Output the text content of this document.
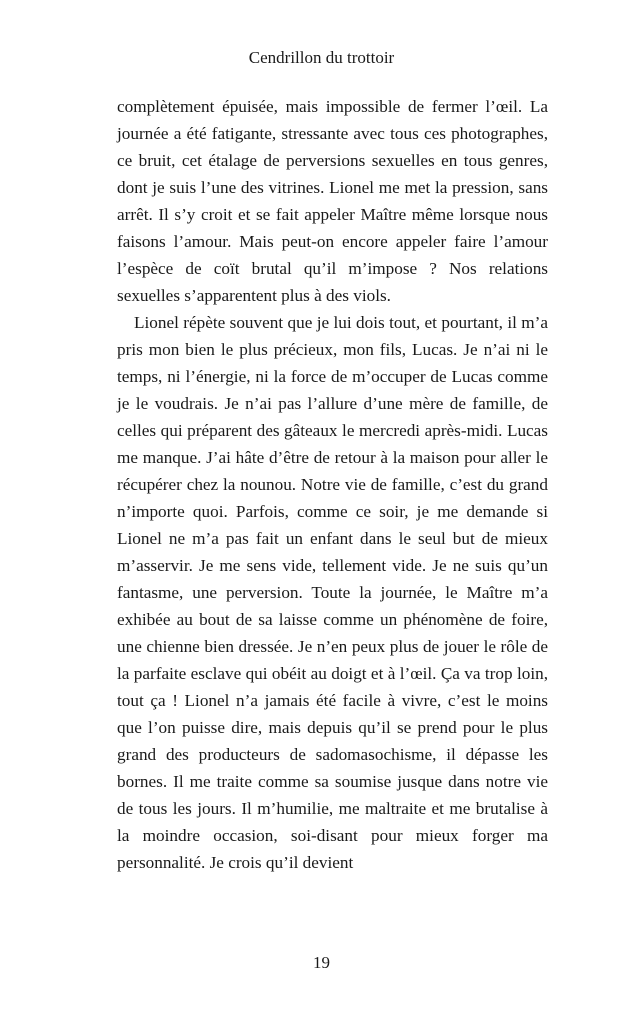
Cendrillon du trottoir

complètement épuisée, mais impossible de fermer l’œil. La journée a été fatigante, stressante avec tous ces photographes, ce bruit, cet étalage de perversions sexuelles en tous genres, dont je suis l’une des vitrines. Lionel me met la pression, sans arrêt. Il s’y croit et se fait appeler Maître même lorsque nous faisons l’amour. Mais peut-on encore appeler faire l’amour l’espèce de coït brutal qu’il m’impose ? Nos relations sexuelles s’apparentent plus à des viols.

Lionel répète souvent que je lui dois tout, et pourtant, il m’a pris mon bien le plus précieux, mon fils, Lucas. Je n’ai ni le temps, ni l’énergie, ni la force de m’occuper de Lucas comme je le voudrais. Je n’ai pas l’allure d’une mère de famille, de celles qui préparent des gâteaux le mercredi après-midi. Lucas me manque. J’ai hâte d’être de retour à la maison pour aller le récupérer chez la nounou. Notre vie de famille, c’est du grand n’importe quoi. Parfois, comme ce soir, je me demande si Lionel ne m’a pas fait un enfant dans le seul but de mieux m’asservir. Je me sens vide, tellement vide. Je ne suis qu’un fantasme, une perversion. Toute la journée, le Maître m’a exhibée au bout de sa laisse comme un phénomène de foire, une chienne bien dressée. Je n’en peux plus de jouer le rôle de la parfaite esclave qui obéit au doigt et à l’œil. Ça va trop loin, tout ça ! Lionel n’a jamais été facile à vivre, c’est le moins que l’on puisse dire, mais depuis qu’il se prend pour le plus grand des producteurs de sadomasochisme, il dépasse les bornes. Il me traite comme sa soumise jusque dans notre vie de tous les jours. Il m’humilie, me maltraite et me brutalise à la moindre occasion, soi-disant pour mieux forger ma personnalité. Je crois qu’il devient

19
